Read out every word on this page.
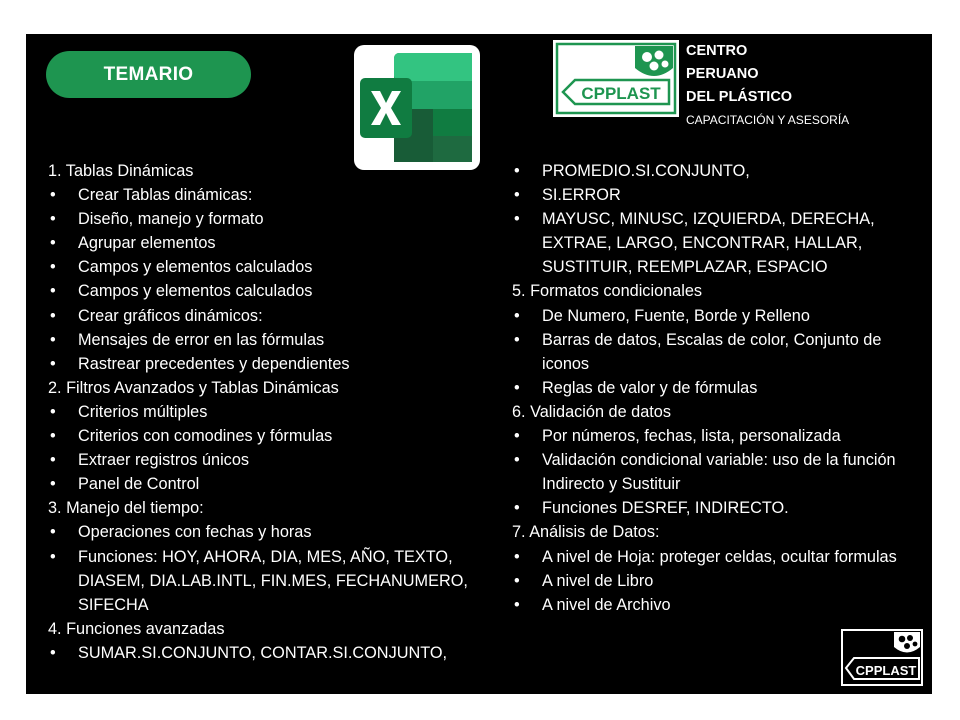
TEMARIO
CPPLAST
CENTRO
PERUANO
DEL PLÁSTICO
CAPACITACIÓN Y ASESORÍA
1. Tablas Dinámicas
• Crear Tablas dinámicas:
• Diseño, manejo y formato
• Agrupar elementos
• Campos y elementos calculados
• Campos y elementos calculados
• Crear gráficos dinámicos:
• Mensajes de error en las fórmulas
• Rastrear precedentes y dependientes
2. Filtros Avanzados y Tablas Dinámicas
• Criterios múltiples
• Criterios con comodines y fórmulas
• Extraer registros únicos
• Panel de Control
3. Manejo del tiempo:
• Operaciones con fechas y horas
• Funciones: HOY, AHORA, DIA, MES, AÑO, TEXTO, DIASEM, DIA.LAB.INTL, FIN.MES, FECHANUMERO, SIFECHA
4. Funciones avanzadas
• SUMAR.SI.CONJUNTO, CONTAR.SI.CONJUNTO,
• PROMEDIO.SI.CONJUNTO,
• SI.ERROR
• MAYUSC, MINUSC, IZQUIERDA, DERECHA, EXTRAE, LARGO, ENCONTRAR, HALLAR, SUSTITUIR, REEMPLAZAR, ESPACIO
5. Formatos condicionales
• De Numero, Fuente, Borde y Relleno
• Barras de datos, Escalas de color, Conjunto de iconos
• Reglas de valor y de fórmulas
6. Validación de datos
• Por números, fechas, lista, personalizada
• Validación condicional variable: uso de la función Indirecto y Sustituir
• Funciones DESREF, INDIRECTO.
7. Análisis de Datos:
• A nivel de Hoja: proteger celdas, ocultar formulas
• A nivel de Libro
• A nivel de Archivo
CPPLAST
